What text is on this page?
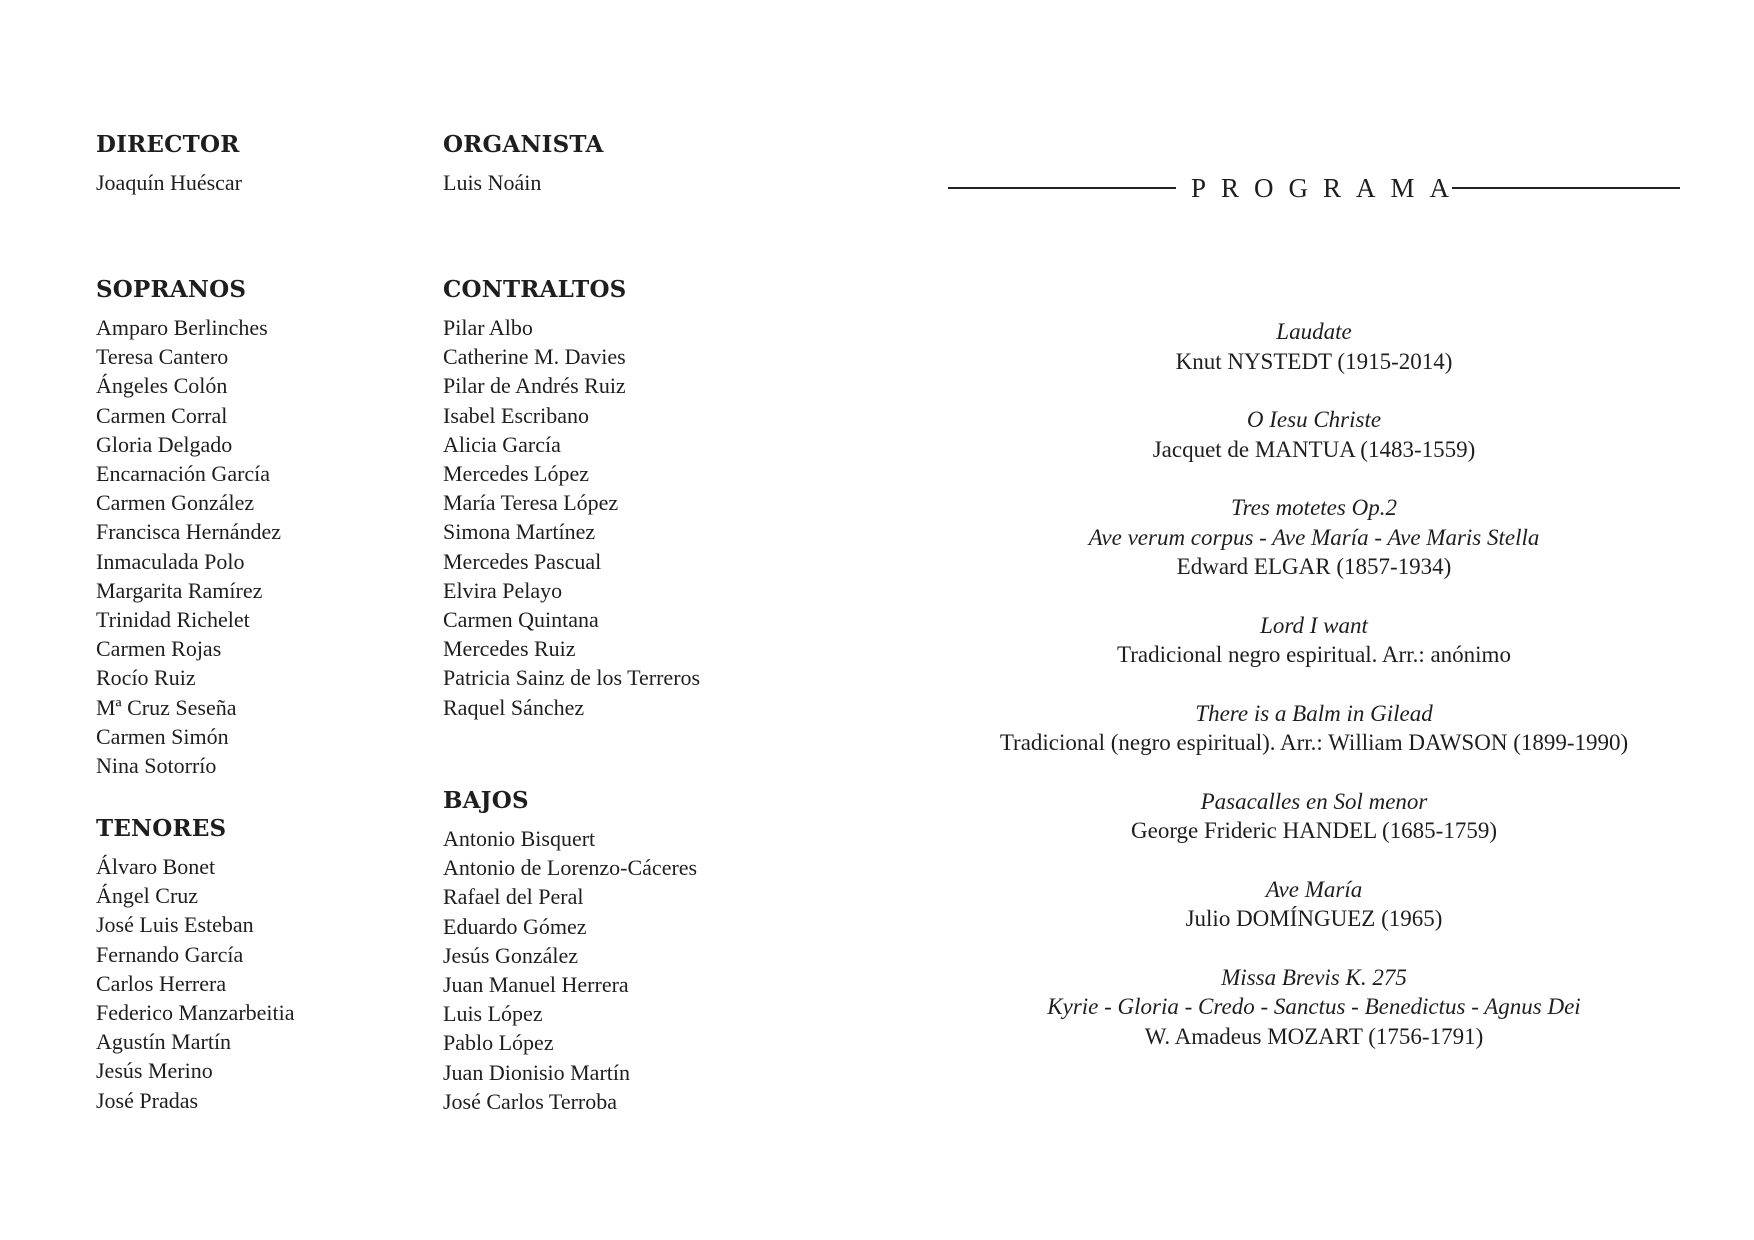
DIRECTOR
Joaquín Huéscar
ORGANISTA
Luis Noáin
SOPRANOS
Amparo Berlinches
Teresa Cantero
Ángeles Colón
Carmen Corral
Gloria Delgado
Encarnación García
Carmen González
Francisca Hernández
Inmaculada Polo
Margarita Ramírez
Trinidad Richelet
Carmen Rojas
Rocío Ruiz
Mª Cruz Seseña
Carmen Simón
Nina Sotorrío
CONTRALTOS
Pilar Albo
Catherine M. Davies
Pilar de Andrés Ruiz
Isabel Escribano
Alicia García
Mercedes López
María Teresa López
Simona Martínez
Mercedes Pascual
Elvira Pelayo
Carmen Quintana
Mercedes Ruiz
Patricia Sainz de los Terreros
Raquel Sánchez
TENORES
Álvaro Bonet
Ángel Cruz
José Luis Esteban
Fernando García
Carlos Herrera
Federico Manzarbeitia
Agustín Martín
Jesús Merino
José Pradas
BAJOS
Antonio Bisquert
Antonio de Lorenzo-Cáceres
Rafael del Peral
Eduardo Gómez
Jesús González
Juan Manuel Herrera
Luis López
Pablo López
Juan Dionisio Martín
José Carlos Terroba
PROGRAMA
Laudate
Knut NYSTEDT (1915-2014)
O Iesu Christe
Jacquet de MANTUA (1483-1559)
Tres motetes Op.2
Ave verum corpus - Ave María - Ave Maris Stella
Edward ELGAR (1857-1934)
Lord I want
Tradicional negro espiritual. Arr.: anónimo
There is a Balm in Gilead
Tradicional (negro espiritual). Arr.: William DAWSON (1899-1990)
Pasacalles en Sol menor
George Frideric HANDEL (1685-1759)
Ave María
Julio DOMÍNGUEZ (1965)
Missa Brevis K. 275
Kyrie - Gloria - Credo - Sanctus - Benedictus - Agnus Dei
W. Amadeus MOZART (1756-1791)
